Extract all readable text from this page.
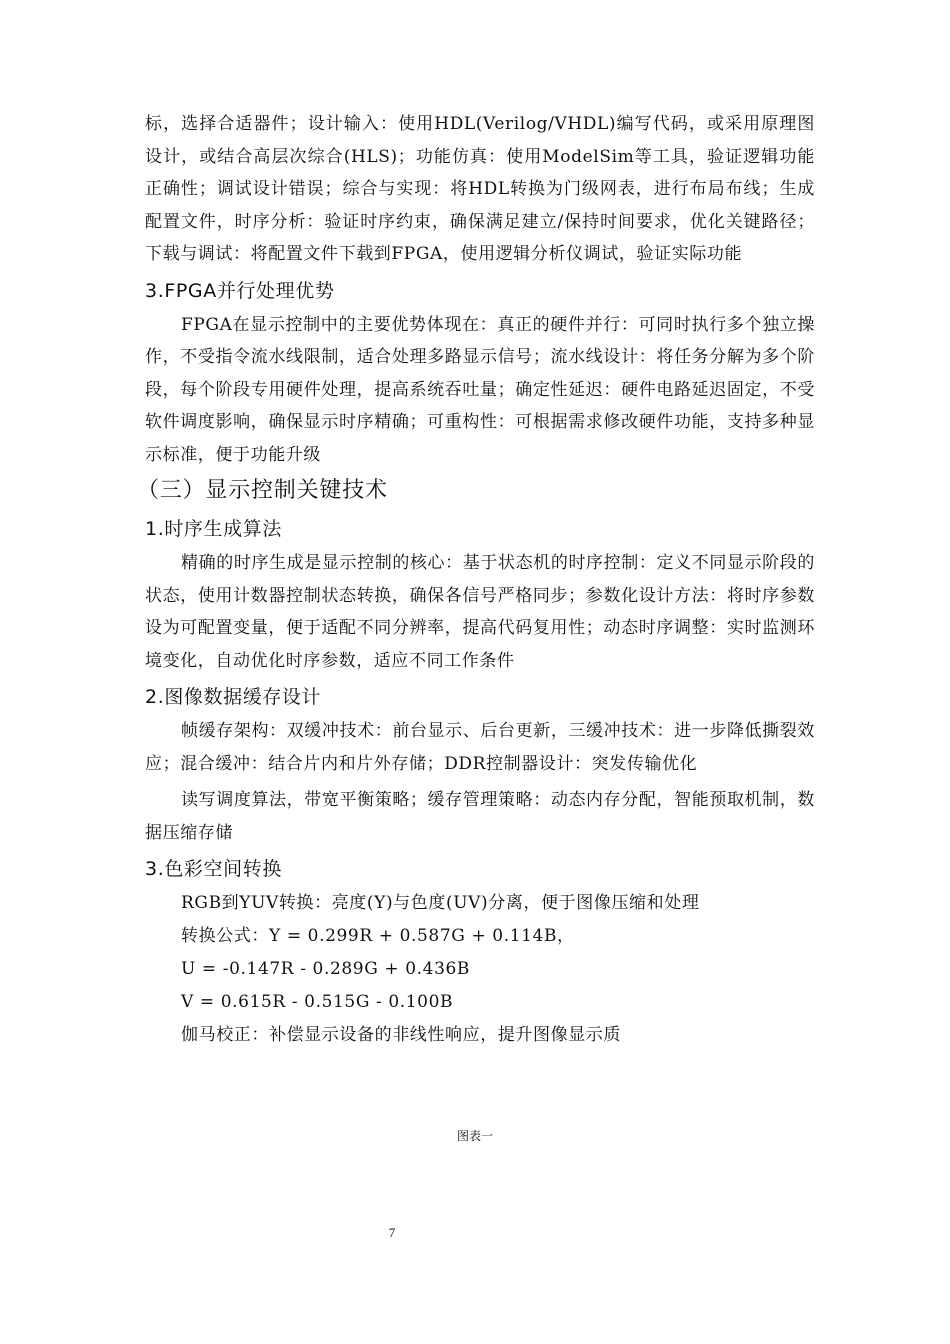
标，选择合适器件；设计输入：使用HDL(Verilog/VHDL)编写代码，或采用原理图设计，或结合高层次综合(HLS)；功能仿真：使用ModelSim等工具，验证逻辑功能正确性；调试设计错误；综合与实现：将HDL转换为门级网表，进行布局布线；生成配置文件，时序分析：验证时序约束，确保满足建立/保持时间要求，优化关键路径；下载与调试：将配置文件下载到FPGA，使用逻辑分析仪调试，验证实际功能

3.FPGA并行处理优势

FPGA在显示控制中的主要优势体现在：真正的硬件并行：可同时执行多个独立操作，不受指令流水线限制，适合处理多路显示信号；流水线设计：将任务分解为多个阶段，每个阶段专用硬件处理，提高系统吞吐量；确定性延迟：硬件电路延迟固定，不受软件调度影响，确保显示时序精确；可重构性：可根据需求修改硬件功能，支持多种显示标准，便于功能升级

（三）显示控制关键技术
1.时序生成算法

精确的时序生成是显示控制的核心：基于状态机的时序控制：定义不同显示阶段的状态，使用计数器控制状态转换，确保各信号严格同步；参数化设计方法：将时序参数设为可配置变量，便于适配不同分辨率，提高代码复用性；动态时序调整：实时监测环境变化，自动优化时序参数，适应不同工作条件

2.图像数据缓存设计

帧缓存架构：双缓冲技术：前台显示、后台更新，三缓冲技术：进一步降低撕裂效应；混合缓冲：结合片内和片外存储；DDR控制器设计：突发传输优化

读写调度算法，带宽平衡策略；缓存管理策略：动态内存分配，智能预取机制，数据压缩存储

3.色彩空间转换

RGB到YUV转换：亮度(Y)与色度(UV)分离，便于图像压缩和处理

转换公式：Y = 0.299R + 0.587G + 0.114B，

U = -0.147R - 0.289G + 0.436B

V = 0.615R - 0.515G - 0.100B

伽马校正：补偿显示设备的非线性响应，提升图像显示质

图表一
7
